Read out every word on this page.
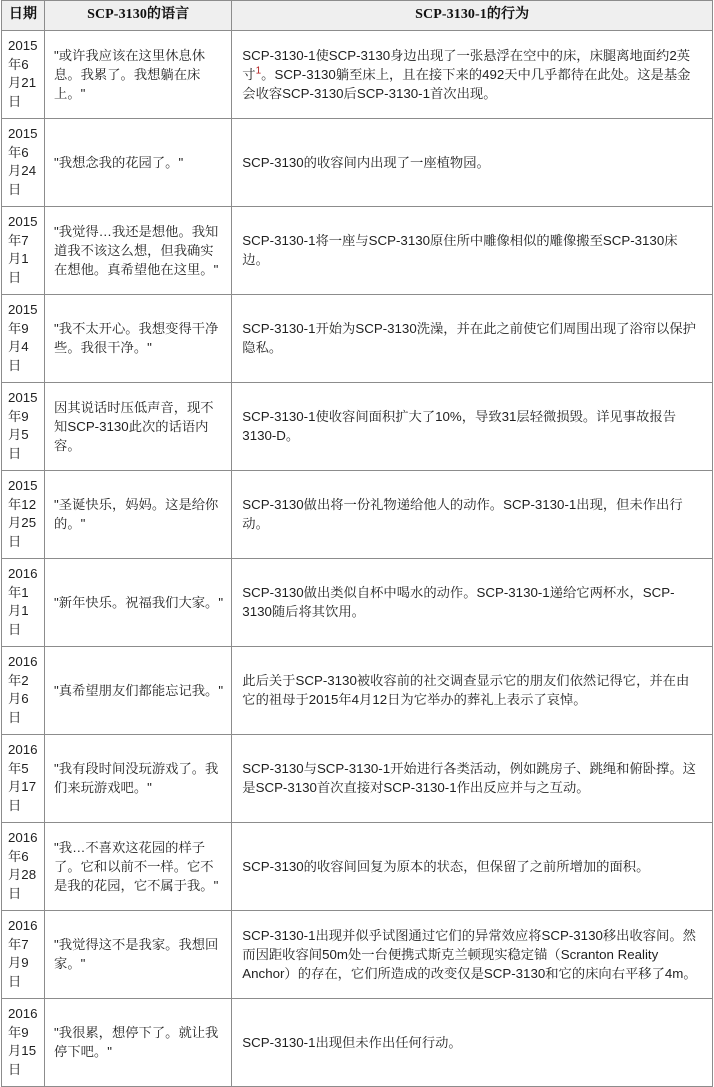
日期	SCP-3130的语言	SCP-3130-1的行为
2015年6月21日	"或许我应该在这里休息休息。我累了。我想躺在床上。"	SCP-3130-1使SCP-3130身边出现了一张悬浮在空中的床，床腿离地面约2英寸$^1$。SCP-3130躺至床上，且在接下来的492天中几乎都待在此处。这是基金会收容SCP-3130后SCP-3130-1首次出现。
2015年6月24日	"我想念我的花园了。"	SCP-3130的收容间内出现了一座植物园。
2015年7月1日	"我觉得…我还是想他。我知道我不该这么想，但我确实在想他。真希望他在这里。"	SCP-3130-1将一座与SCP-3130原住所中雕像相似的雕像搬至SCP-3130床边。
2015年9月4日	"我不太开心。我想变得干净些。我很干净。"	SCP-3130-1开始为SCP-3130洗澡，并在此之前使它们周围出现了浴帘以保护隐私。
2015年9月5日	因其说话时压低声音，现不知SCP-3130此次的话语内容。	SCP-3130-1使收容间面积扩大了10%，导致31层轻微损毁。详见事故报告3130-D。
2015年12月25日	"圣诞快乐，妈妈。这是给你的。"	SCP-3130做出将一份礼物递给他人的动作。SCP-3130-1出现，但未作出行动。
2016年1月1日	"新年快乐。祝福我们大家。"	SCP-3130做出类似自杯中喝水的动作。SCP-3130-1递给它两杯水，SCP-3130随后将其饮用。
2016年2月6日	"真希望朋友们都能忘记我。"	此后关于SCP-3130被收容前的社交调查显示它的朋友们依然记得它，并在由它的祖母于2015年4月12日为它举办的葬礼上表示了哀悼。
2016年5月17日	"我有段时间没玩游戏了。我们来玩游戏吧。"	SCP-3130与SCP-3130-1开始进行各类活动，例如跳房子、跳绳和俯卧撑。这是SCP-3130首次直接对SCP-3130-1作出反应并与之互动。
2016年6月28日	"我…不喜欢这花园的样子了。它和以前不一样。它不是我的花园，它不属于我。"	SCP-3130的收容间回复为原本的状态，但保留了之前所增加的面积。
2016年7月9日	"我觉得这不是我家。我想回家。"	SCP-3130-1出现并似乎试图通过它们的异常效应将SCP-3130移出收容间。然而因距收容间50m处一台便携式斯克兰顿现实稳定锚（Scranton Reality Anchor）的存在，它们所造成的改变仅是SCP-3130和它的床向右平移了4m。
2016年9月15日	"我很累，想停下了。就让我停下吧。"	SCP-3130-1出现但未作出任何行动。
